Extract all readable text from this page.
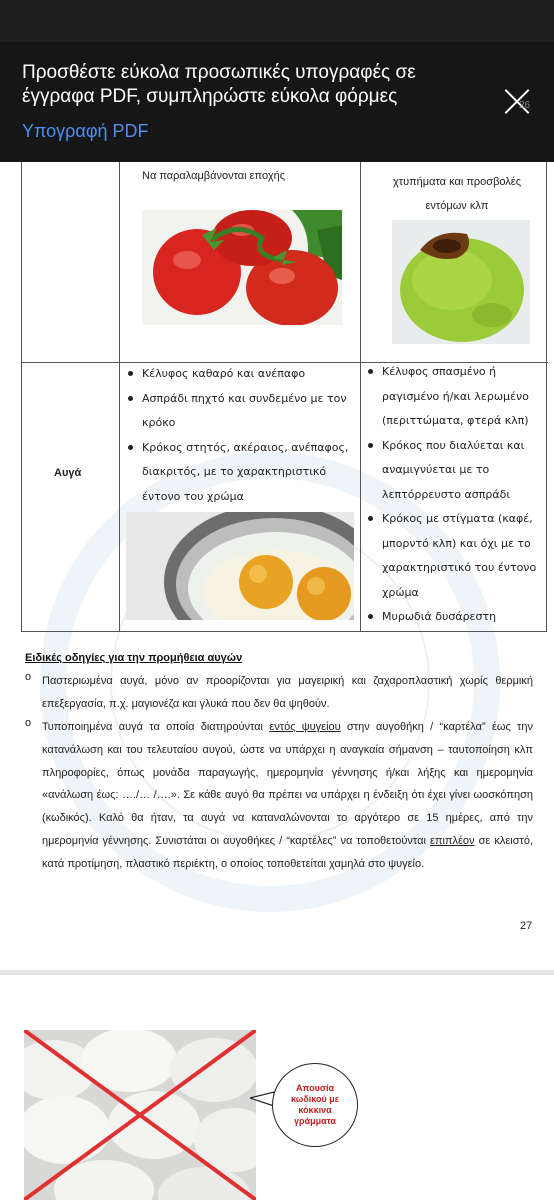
Προσθέστε εύκολα προσωπικές υπογραφές σε έγγραφα PDF, συμπληρώστε εύκολα φόρμες
Υπογραφή PDF
26
Να παραλαμβάνονται εποχής	χτυπήματα και προσβολές
εντόμων κλπ
Αυγά
Κέλυφος καθαρό και ανέπαφο
Ασπράδι πηχτό και συνδεμένο με τον κρόκο
Κρόκος στητός, ακέραιος, ανέπαφος, διακριτός, με το χαρακτηριστικό έντονο του χρώμα
Κέλυφος σπασμένο ή ραγισμένο ή/και λερωμένο (περιττώματα, φτερά κλπ)
Κρόκος που διαλύεται και αναμιγνύεται με το λεπτόρρευστο ασπράδι
Κρόκος με στίγματα (καφέ, μπορντό κλπ) και όχι με το χαρακτηριστικό του έντονο χρώμα
Μυρωδιά δυσάρεστη
Ειδικές οδηγίες για την προμήθεια αυγών
o Παστεριωμένα αυγά, μόνο αν προορίζονται για μαγειρική και ζαχαροπλαστική χωρίς θερμική επεξεργασία, π.χ. μαγιονέζα και γλυκά που δεν θα ψηθούν.
o Τυποποιημένα αυγά τα οποία διατηρούνται εντός ψυγείου στην αυγοθήκη / “καρτέλα” έως την κατανάλωση και του τελευταίου αυγού, ώστε να υπάρχει η αναγκαία σήμανση – ταυτοποίηση κλπ πληροφορίες, όπως μονάδα παραγωγής, ημερομηνία γέννησης ή/και λήξης και ημερομηνία «ανάλωση έως: …./… /….». Σε κάθε αυγό θα πρέπει να υπάρχει η ένδειξη ότι έχει γίνει ωοσκόπηση (κωδικός). Καλό θα ήταν, τα αυγά να καταναλώνονται το αργότερο σε 15 ημέρες, από την ημερομηνία γέννησης. Συνιστάται οι αυγοθήκες / “καρτέλες” να τοποθετούνται επιπλέον σε κλειστό, κατά προτίμηση, πλαστικό περιέκτη, ο οποίος τοποθετείται χαμηλά στο ψυγείο.
27
Απουσία
κωδικού με
κόκκινα
γράμματα
